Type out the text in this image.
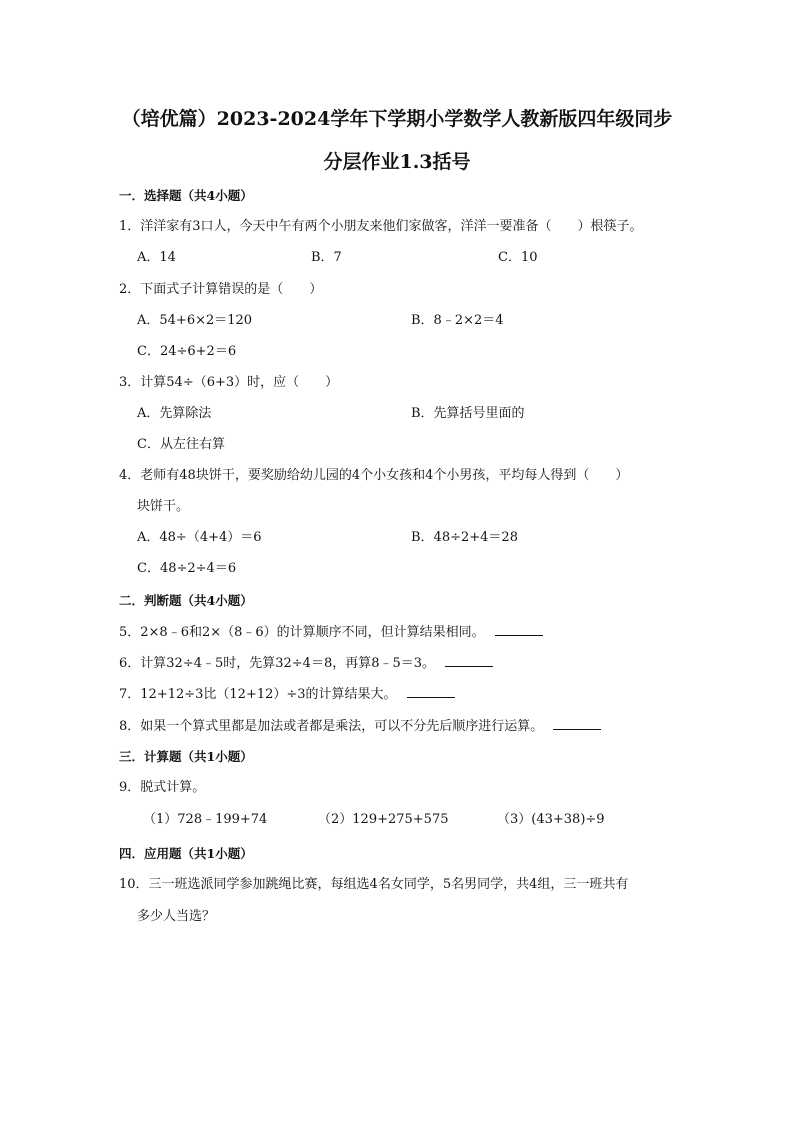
（培优篇）2023-2024学年下学期小学数学人教新版四年级同步
分层作业1.3括号
一．选择题（共4小题）
1．洋洋家有3口人，今天中午有两个小朋友来他们家做客，洋洋一要准备（　　）根筷子。
A．14	B．7	C．10
2．下面式子计算错误的是（　　）
A．54+6×2＝120	B．8﹣2×2＝4
C．24÷6+2＝6
3．计算54÷（6+3）时，应（　　）
A．先算除法	B．先算括号里面的
C．从左往右算
4．老师有48块饼干，要奖励给幼儿园的4个小女孩和4个小男孩，平均每人得到（　　）
块饼干。
A．48÷（4+4）＝6	B．48÷2+4＝28
C．48÷2÷4＝6
二．判断题（共4小题）
5．2×8﹣6和2×（8﹣6）的计算顺序不同，但计算结果相同。
6．计算32÷4﹣5时，先算32÷4＝8，再算8﹣5＝3。
7．12+12÷3比（12+12）÷3的计算结果大。
8．如果一个算式里都是加法或者都是乘法，可以不分先后顺序进行运算。
三．计算题（共1小题）
9．脱式计算。
（1）728﹣199+74	（2）129+275+575	（3）(43+38)÷9
四．应用题（共1小题）
10．三一班选派同学参加跳绳比赛，每组选4名女同学，5名男同学，共4组，三一班共有
多少人当选？
